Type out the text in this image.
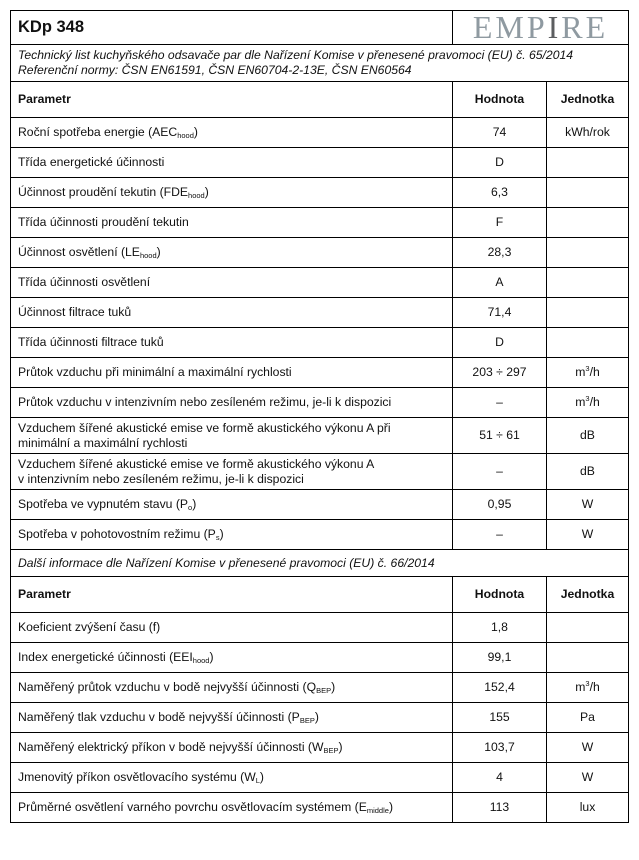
KDp 348	EMPIRE	

Technický list kuchyňského odsavače par dle Nařízení Komise v přenesené pravomoci (EU) č. 65/2014
Referenční normy: ČSN EN61591, ČSN EN60704-2-13E, ČSN EN60564		

Parametr	Hodnota	Jednotka
Roční spotřeba energie $(AEC_{hood})$	74	kWh/rok
Třída energetické účinnosti	D	
Účinnost proudění tekutin $(FDE_{hood})$	6,3	
Třída účinnosti proudění tekutin	F	
Účinnost osvětlení $(LE_{hood})$	28,3	
Třída účinnosti osvětlení	A	
Účinnost filtrace tuků	71,4	
Třída účinnosti filtrace tuků	D	
Průtok vzduchu při minimální a maximální rychlosti	203 ÷ 297	$m^3/h$
Průtok vzduchu v intenzivním nebo zesíleném režimu, je-li k dispozici	–	$m^3/h$

Vzduchem šířené akustické emise ve formě akustického výkonu A při
minimální a maximální rychlosti	51 ÷ 61	dB

Vzduchem šířené akustické emise ve formě akustického výkonu A
v intenzivním nebo zesíleném režimu, je-li k dispozici	–	dB
Spotřeba ve vypnutém stavu $(P_o)$	0,95	W
Spotřeba v pohotovostním režimu $(P_s)$	–	W
Další informace dle Nařízení Komise v přenesené pravomoci (EU) č. 66/2014		
Parametr	Hodnota	Jednotka
Koeficient zvýšení času (f)	1,8	
Index energetické účinnosti $(EEI_{hood})$	99,1	
Naměřený průtok vzduchu v bodě nejvyšší účinnosti $(Q_{BEP})$	152,4	$m^3/h$
Naměřený tlak vzduchu v bodě nejvyšší účinnosti $(P_{BEP})$	155	Pa
Naměřený elektrický příkon v bodě nejvyšší účinnosti $(W_{BEP})$	103,7	W
Jmenovitý příkon osvětlovacího systému $(W_L)$	4	W
Průměrné osvětlení varného povrchu osvětlovacím systémem $(E_{middle})$	113	lux
